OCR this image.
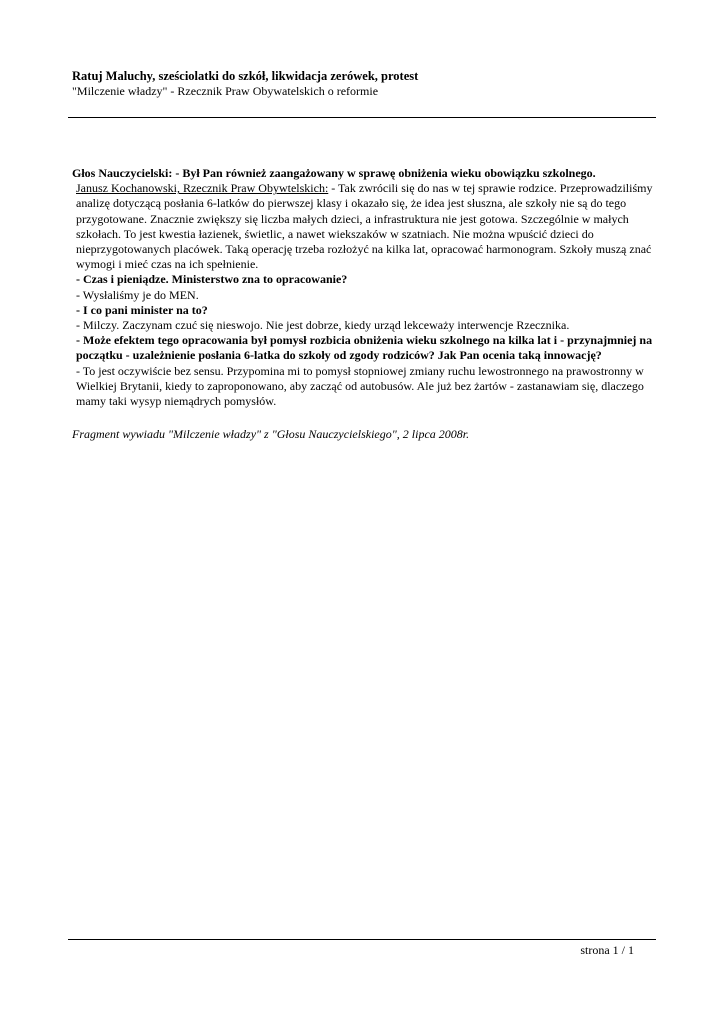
Ratuj Maluchy, sześciolatki do szkół, likwidacja zerówek, protest
"Milczenie władzy" - Rzecznik Praw Obywatelskich o reformie

Głos Nauczycielski: - Był Pan również zaangażowany w sprawę obniżenia wieku obowiązku szkolnego.

Janusz Kochanowski, Rzecznik Praw Obywtelskich: - Tak zwrócili się do nas w tej sprawie rodzice. Przeprowadziliśmy analizę dotyczącą posłania 6-latków do pierwszej klasy i okazało się, że idea jest słuszna, ale szkoły nie są do tego przygotowane. Znacznie zwiększy się liczba małych dzieci, a infrastruktura nie jest gotowa. Szczególnie w małych szkołach. To jest kwestia łazienek, świetlic, a nawet wiekszaków w szatniach. Nie można wpuścić dzieci do nieprzygotowanych placówek. Taką operację trzeba rozłożyć na kilka lat, opracować harmonogram. Szkoły muszą znać wymogi i mieć czas na ich spełnienie.

- Czas i pieniądze. Ministerstwo zna to opracowanie?

- Wysłaliśmy je do MEN.

- I co pani minister na to?

- Milczy. Zaczynam czuć się nieswojo. Nie jest dobrze, kiedy urząd lekceważy interwencje Rzecznika.

- Może efektem tego opracowania był pomysł rozbicia obniżenia wieku szkolnego na kilka lat i - przynajmniej na początku - uzależnienie posłania 6-latka do szkoły od zgody rodziców? Jak Pan ocenia taką innowację?

- To jest oczywiście bez sensu. Przypomina mi to pomysł stopniowej zmiany ruchu lewostronnego na prawostronny w Wielkiej Brytanii, kiedy to zaproponowano, aby zacząć od autobusów. Ale już bez żartów - zastanawiam się, dlaczego mamy taki wysyp niemądrych pomysłów.

Fragment wywiadu "Milczenie władzy" z "Głosu Nauczycielskiego", 2 lipca 2008r.
strona 1 / 1
